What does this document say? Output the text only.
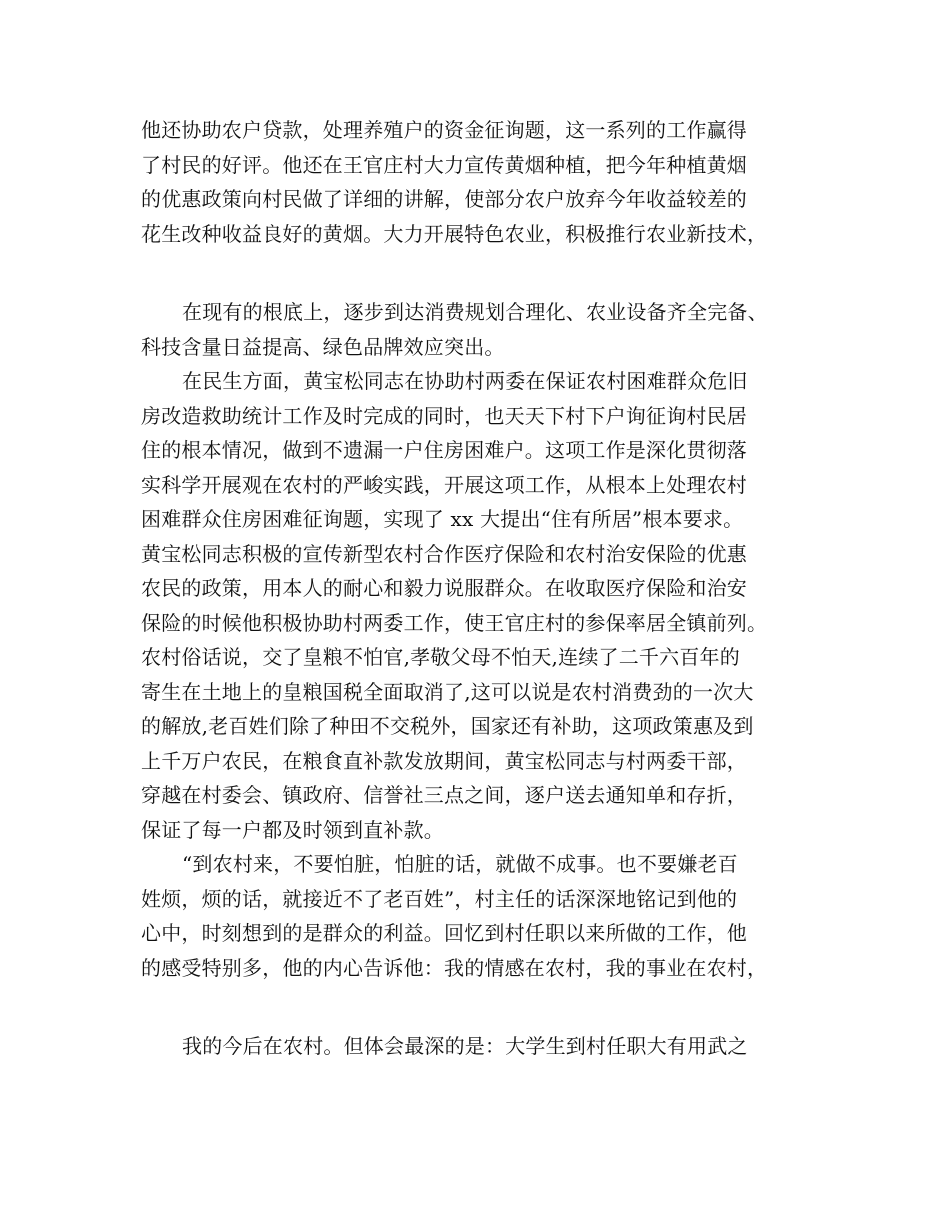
他还协助农户贷款，处理养殖户的资金征询题，这一系列的工作赢得
了村民的好评。他还在王官庄村大力宣传黄烟种植，把今年种植黄烟
的优惠政策向村民做了详细的讲解，使部分农户放弃今年收益较差的
花生改种收益良好的黄烟。大力开展特色农业，积极推行农业新技术，
在现有的根底上，逐步到达消费规划合理化、农业设备齐全完备、
科技含量日益提高、绿色品牌效应突出。
在民生方面，黄宝松同志在协助村两委在保证农村困难群众危旧
房改造救助统计工作及时完成的同时，也天天下村下户询征询村民居
住的根本情况，做到不遗漏一户住房困难户。这项工作是深化贯彻落
实科学开展观在农村的严峻实践，开展这项工作，从根本上处理农村
困难群众住房困难征询题，实现了 xx 大提出“住有所居”根本要求。
黄宝松同志积极的宣传新型农村合作医疗保险和农村治安保险的优惠
农民的政策，用本人的耐心和毅力说服群众。在收取医疗保险和治安
保险的时候他积极协助村两委工作，使王官庄村的参保率居全镇前列。
农村俗话说，交了皇粮不怕官,孝敬父母不怕天,连续了二千六百年的
寄生在土地上的皇粮国税全面取消了,这可以说是农村消费劲的一次大
的解放,老百姓们除了种田不交税外，国家还有补助，这项政策惠及到
上千万户农民，在粮食直补款发放期间，黄宝松同志与村两委干部，
穿越在村委会、镇政府、信誉社三点之间，逐户送去通知单和存折，
保证了每一户都及时领到直补款。
“到农村来，不要怕脏，怕脏的话，就做不成事。也不要嫌老百
姓烦，烦的话，就接近不了老百姓”，村主任的话深深地铭记到他的
心中，时刻想到的是群众的利益。回忆到村任职以来所做的工作，他
的感受特别多，他的内心告诉他：我的情感在农村，我的事业在农村，
我的今后在农村。但体会最深的是：大学生到村任职大有用武之
